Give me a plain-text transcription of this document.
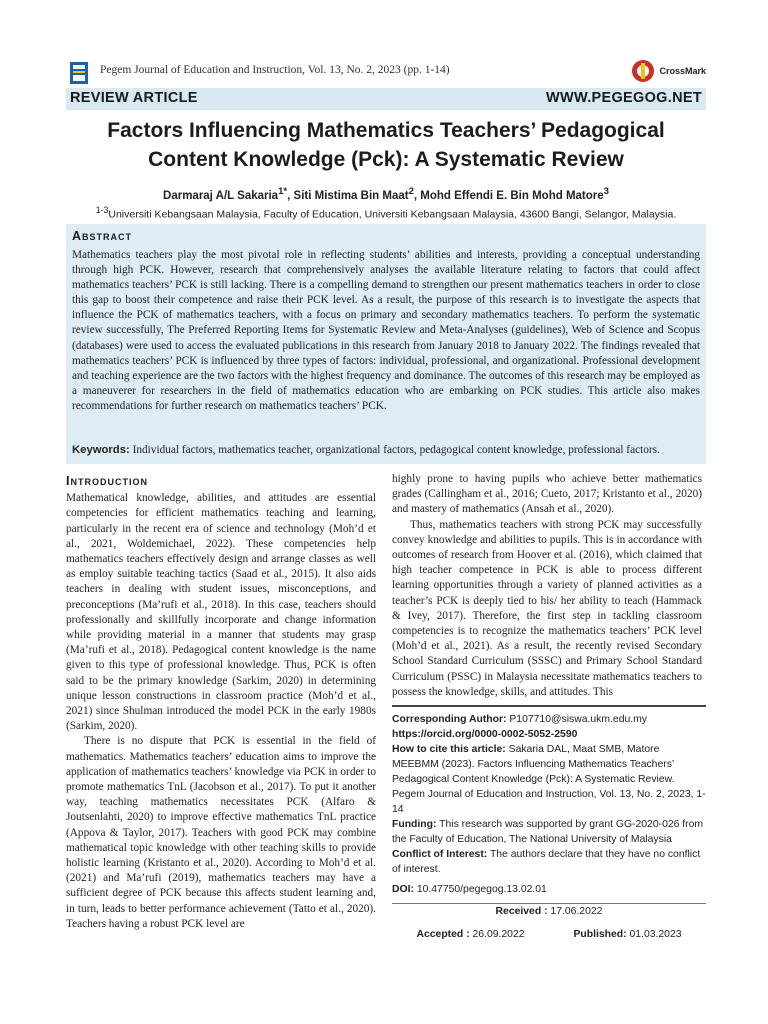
Pegem Journal of Education and Instruction, Vol. 13, No. 2, 2023 (pp. 1-14)	CrossMark
REVIEW ARTICLE	WWW.PEGEGOG.NET
Factors Influencing Mathematics Teachers’ Pedagogical Content Knowledge (Pck): A Systematic Review
Darmaraj A/L Sakaria$^{1*}$, Siti Mistima Bin Maat$^2$, Mohd Effendi E. Bin Mohd Matore$^3$
$^{1-3}$Universiti Kebangsaan Malaysia, Faculty of Education, Universiti Kebangsaan Malaysia, 43600 Bangi, Selangor, Malaysia.
Abstract
Mathematics teachers play the most pivotal role in reflecting students’ abilities and interests, providing a conceptual understanding through high PCK. However, research that comprehensively analyses the available literature relating to factors that could affect mathematics teachers’ PCK is still lacking. There is a compelling demand to strengthen our present mathematics teachers in order to close this gap to boost their competence and raise their PCK level. As a result, the purpose of this research is to investigate the aspects that influence the PCK of mathematics teachers, with a focus on primary and secondary mathematics teachers. To perform the systematic review successfully, The Preferred Reporting Items for Systematic Review and Meta-Analyses (guidelines), Web of Science and Scopus (databases) were used to access the evaluated publications in this research from January 2018 to January 2022. The findings revealed that mathematics teachers’ PCK is influenced by three types of factors: individual, professional, and organizational. Professional development and teaching experience are the two factors with the highest frequency and dominance. The outcomes of this research may be employed as a maneuverer for researchers in the field of mathematics education who are embarking on PCK studies. This article also makes recommendations for further research on mathematics teachers’ PCK.
Keywords: Individual factors, mathematics teacher, organizational factors, pedagogical content knowledge, professional factors.
Introduction

Mathematical knowledge, abilities, and attitudes are essential competencies for efficient mathematics teaching and learning, particularly in the recent era of science and technology (Moh’d et al., 2021, Woldemichael, 2022). These competencies help mathematics teachers effectively design and arrange classes as well as employ suitable teaching tactics (Saad et al., 2015). It also aids teachers in dealing with student issues, misconceptions, and preconceptions (Ma’rufi et al., 2018). In this case, teachers should professionally and skillfully incorporate and change information while providing material in a manner that students may grasp (Ma’rufi et al., 2018). Pedagogical content knowledge is the name given to this type of professional knowledge. Thus, PCK is often said to be the primary knowledge (Sarkim, 2020) in determining unique lesson constructions in classroom practice (Moh’d et al., 2021) since Shulman introduced the model PCK in the early 1980s (Sarkim, 2020).

There is no dispute that PCK is essential in the field of mathematics. Mathematics teachers’ education aims to improve the application of mathematics teachers’ knowledge via PCK in order to promote mathematics TnL (Jacobson et al., 2017). To put it another way, teaching mathematics necessitates PCK (Alfaro & Joutsenlahti, 2020) to improve effective mathematics TnL practice (Appova & Taylor, 2017). Teachers with good PCK may combine mathematical topic knowledge with other teaching skills to provide holistic learning (Kristanto et al., 2020). According to Moh’d et al. (2021) and Ma’rufi (2019), mathematics teachers may have a sufficient degree of PCK because this affects student learning and, in turn, leads to better performance achievement (Tatto et al., 2020). Teachers having a robust PCK level are

highly prone to having pupils who achieve better mathematics grades (Callingham et al., 2016; Cueto, 2017; Kristanto et al., 2020) and mastery of mathematics (Ansah et al., 2020).

Thus, mathematics teachers with strong PCK may successfully convey knowledge and abilities to pupils. This is in accordance with outcomes of research from Hoover et al. (2016), which claimed that high teacher competence in PCK is able to process different learning opportunities through a variety of planned activities as a teacher’s PCK is deeply tied to his/ her ability to teach (Hammack & Ivey, 2017). Therefore, the first step in tackling classroom competencies is to recognize the mathematics teachers’ PCK level (Moh’d et al., 2021). As a result, the recently revised Secondary School Standard Curriculum (SSSC) and Primary School Standard Curriculum (PSSC) in Malaysia necessitate mathematics teachers to possess the knowledge, skills, and attitudes. This

Corresponding Author: P107710@siswa.ukm.edu.my

https://orcid.org/0000-0002-5052-2590

How to cite this article: Sakaria DAL, Maat SMB, Matore MEEBMM (2023). Factors Influencing Mathematics Teachers’ Pedagogical Content Knowledge (Pck): A Systematic Review. Pegem Journal of Education and Instruction, Vol. 13, No. 2, 2023, 1-14

Funding: This research was supported by grant GG-2020-026 from the Faculty of Education, The National University of Malaysia

Conflict of Interest: The authors declare that they have no conflict of interest.

DOI: 10.47750/pegegog.13.02.01

Received : 17.06.2022

Accepted : 26.09.2022	Published: 01.03.2023
